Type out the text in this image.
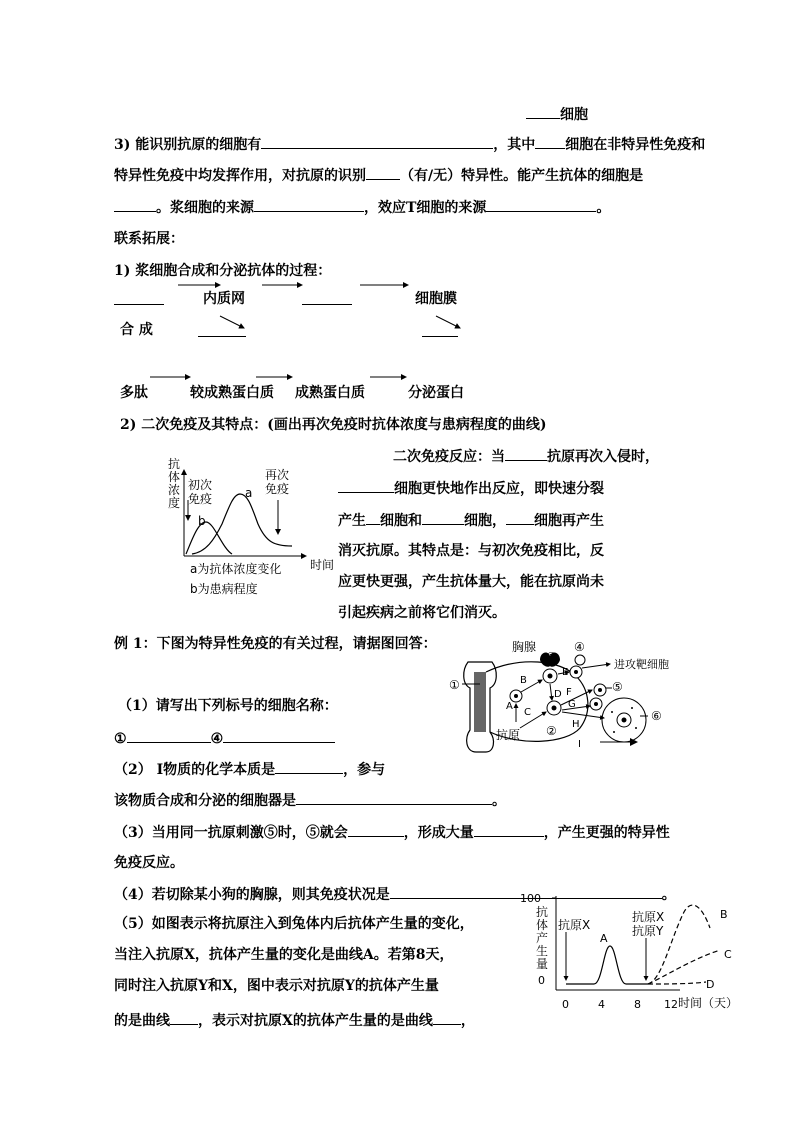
细胞
3) 能识别抗原的细胞有	，其中 细胞在非特异性免疫和
特异性免疫中均发挥作用，对抗原的识别 （有/无）特异性。能产生抗体的细胞是
。浆细胞的来源	，效应T细胞的来源	。
联系拓展：
1) 浆细胞合成和分泌抗体的过程：
内质网	细胞膜
合 成
多肽	较成熟蛋白质 成熟蛋白质	分泌蛋白
2) 二次免疫及其特点：(画出再次免疫时抗体浓度与患病程度的曲线)
抗
体
浓
度
初次
免疫
再次
免疫
a
b
时间
a为抗体浓度变化
b为患病程度
二次免疫反应：当	抗原再次入侵时，
细胞更快地作出反应，即快速分裂
产生 细胞和	细胞， 细胞再产生
消灭抗原。其特点是：与初次免疫相比，反
应更快更强，产生抗体量大，能在抗原尚未
引起疾病之前将它们消灭。
例 1：下图为特异性免疫的有关过程，请据图回答：	胸腺
①
②
③
④
⑤
⑥
进攻靶细胞
抗原
A
B
C
D
E
F
G
H
I
（1）请写出下列标号的细胞名称：
①	④
（2） I物质的化学本质是	，参与
该物质合成和分泌的细胞器是	。
（3）当用同一抗原刺激⑤时，⑤就会	，形成大量	，产生更强的特异性
免疫反应。
（4）若切除某小狗的胸腺，则其免疫状况是	。
（5）如图表示将抗原注入到兔体内后抗体产生量的变化，
当注入抗原X，抗体产生量的变化是曲线A。若第8天，
同时注入抗原Y和X，图中表示对抗原Y的抗体产生量
的是曲线 ，表示对抗原X的抗体产生量的是曲线 ，
100
0
抗
体
产
生
量
抗原X
抗原X
抗原Y
A
B
C
D
0	4	8 12 时间（天）
